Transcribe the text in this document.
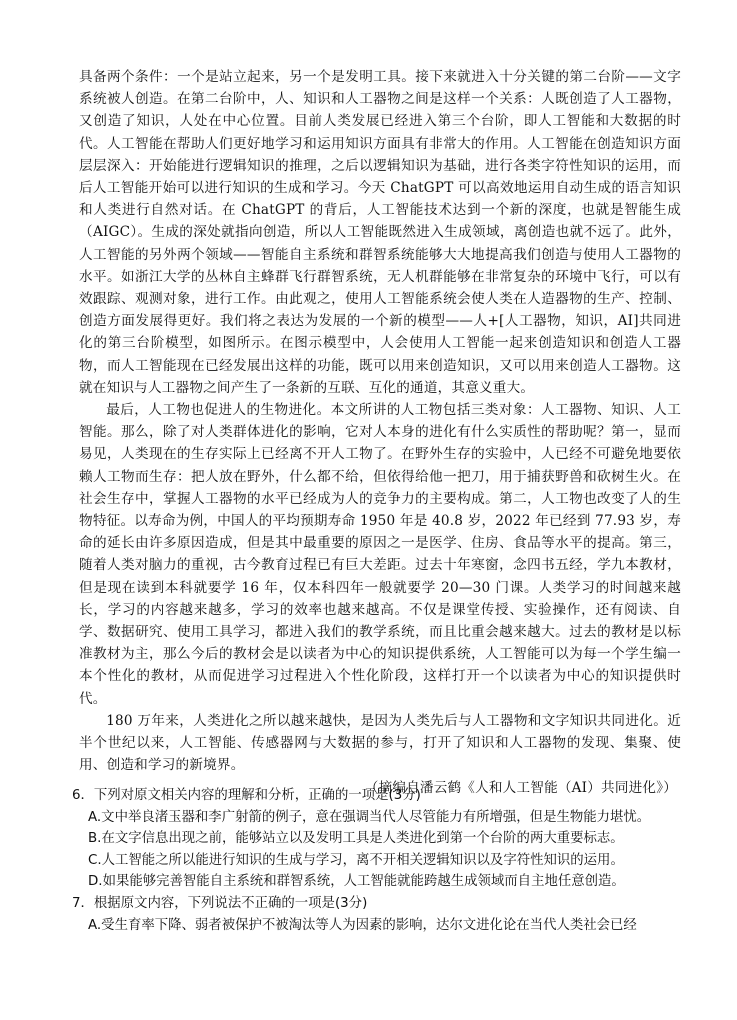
具备两个条件：一个是站立起来，另一个是发明工具。接下来就进入十分关键的第二台阶——文字系统被人创造。在第二台阶中，人、知识和人工器物之间是这样一个关系：人既创造了人工器物，又创造了知识，人处在中心位置。目前人类发展已经进入第三个台阶，即人工智能和大数据的时代。人工智能在帮助人们更好地学习和运用知识方面具有非常大的作用。人工智能在创造知识方面层层深入：开始能进行逻辑知识的推理，之后以逻辑知识为基础，进行各类字符性知识的运用，而后人工智能开始可以进行知识的生成和学习。今天 ChatGPT 可以高效地运用自动生成的语言知识和人类进行自然对话。在 ChatGPT 的背后，人工智能技术达到一个新的深度，也就是智能生成（AIGC）。生成的深处就指向创造，所以人工智能既然进入生成领域，离创造也就不远了。此外，人工智能的另外两个领域——智能自主系统和群智系统能够大大地提高我们创造与使用人工器物的水平。如浙江大学的丛林自主蜂群飞行群智系统，无人机群能够在非常复杂的环境中飞行，可以有效跟踪、观测对象，进行工作。由此观之，使用人工智能系统会使人类在人造器物的生产、控制、创造方面发展得更好。我们将之表达为发展的一个新的模型——人+[人工器物，知识，AI]共同进化的第三台阶模型，如图所示。在图示模型中，人会使用人工智能一起来创造知识和创造人工器物，而人工智能现在已经发展出这样的功能，既可以用来创造知识，又可以用来创造人工器物。这就在知识与人工器物之间产生了一条新的互联、互化的通道，其意义重大。

最后，人工物也促进人的生物进化。本文所讲的人工物包括三类对象：人工器物、知识、人工智能。那么，除了对人类群体进化的影响，它对人本身的进化有什么实质性的帮助呢？第一，显而易见，人类现在的生存实际上已经离不开人工物了。在野外生存的实验中，人已经不可避免地要依赖人工物而生存：把人放在野外，什么都不给，但依得给他一把刀，用于捕获野兽和砍树生火。在社会生存中，掌握人工器物的水平已经成为人的竞争力的主要构成。第二，人工物也改变了人的生物特征。以寿命为例，中国人的平均预期寿命 1950 年是 40.8 岁，2022 年已经到 77.93 岁，寿命的延长由许多原因造成，但是其中最重要的原因之一是医学、住房、食品等水平的提高。第三，随着人类对脑力的重视，古今教育过程已有巨大差距。过去十年寒窗，念四书五经，学九本教材，但是现在读到本科就要学 16 年，仅本科四年一般就要学 20—30 门课。人类学习的时间越来越长，学习的内容越来越多，学习的效率也越来越高。不仅是课堂传授、实验操作，还有阅读、自学、数据研究、使用工具学习，都进入我们的教学系统，而且比重会越来越大。过去的教材是以标准教材为主，那么今后的教材会是以读者为中心的知识提供系统，人工智能可以为每一个学生编一本个性化的教材，从而促进学习过程进入个性化阶段，这样打开一个以读者为中心的知识提供时代。

180 万年来，人类进化之所以越来越快，是因为人类先后与人工器物和文字知识共同进化。近半个世纪以来，人工智能、传感器网与大数据的参与，打开了知识和人工器物的发现、集聚、使用、创造和学习的新境界。

（摘编自潘云鹤《人和人工智能（AI）共同进化》）

6．下列对原文相关内容的理解和分析，正确的一项是(3分)

A.文中举良渚玉器和李广射箭的例子，意在强调当代人尽管能力有所增强，但是生物能力堪忧。

B.在文字信息出现之前，能够站立以及发明工具是人类进化到第一个台阶的两大重要标志。

C.人工智能之所以能进行知识的生成与学习，离不开相关逻辑知识以及字符性知识的运用。

D.如果能够完善智能自主系统和群智系统，人工智能就能跨越生成领域而自主地任意创造。

7．根据原文内容，下列说法不正确的一项是(3分)

A.受生育率下降、弱者被保护不被淘汰等人为因素的影响，达尔文进化论在当代人类社会已经
